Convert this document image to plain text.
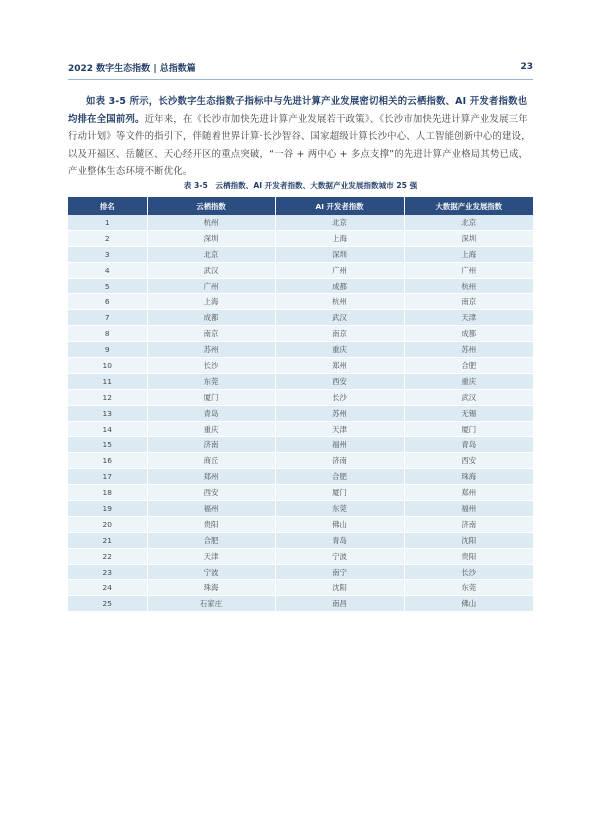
2022 数字生态指数 | 总指数篇	23

如表 3-5 所示，长沙数字生态指数子指标中与先进计算产业发展密切相关的云栖指数、AI 开发者指数也均排在全国前列。近年来，在《长沙市加快先进计算产业发展若干政策》、《长沙市加快先进计算产业发展三年行动计划》等文件的指引下，伴随着世界计算·长沙智谷、国家超级计算长沙中心、人工智能创新中心的建设，以及开福区、岳麓区、天心经开区的重点突破，“一谷 + 两中心 + 多点支撑”的先进计算产业格局其势已成，产业整体生态环境不断优化。

表 3-5　云栖指数、AI 开发者指数、大数据产业发展指数城市 25 强
排名	云栖指数	AI 开发者指数	大数据产业发展指数
1	杭州	北京	北京
2	深圳	上海	深圳
3	北京	深圳	上海
4	武汉	广州	广州
5	广州	成都	杭州
6	上海	杭州	南京
7	成都	武汉	天津
8	南京	南京	成都
9	苏州	重庆	苏州
10	长沙	郑州	合肥
11	东莞	西安	重庆
12	厦门	长沙	武汉
13	青岛	苏州	无锡
14	重庆	天津	厦门
15	济南	福州	青岛
16	商丘	济南	西安
17	郑州	合肥	珠海
18	西安	厦门	郑州
19	福州	东莞	福州
20	贵阳	佛山	济南
21	合肥	青岛	沈阳
22	天津	宁波	贵阳
23	宁波	南宁	长沙
24	珠海	沈阳	东莞
25	石家庄	南昌	佛山
